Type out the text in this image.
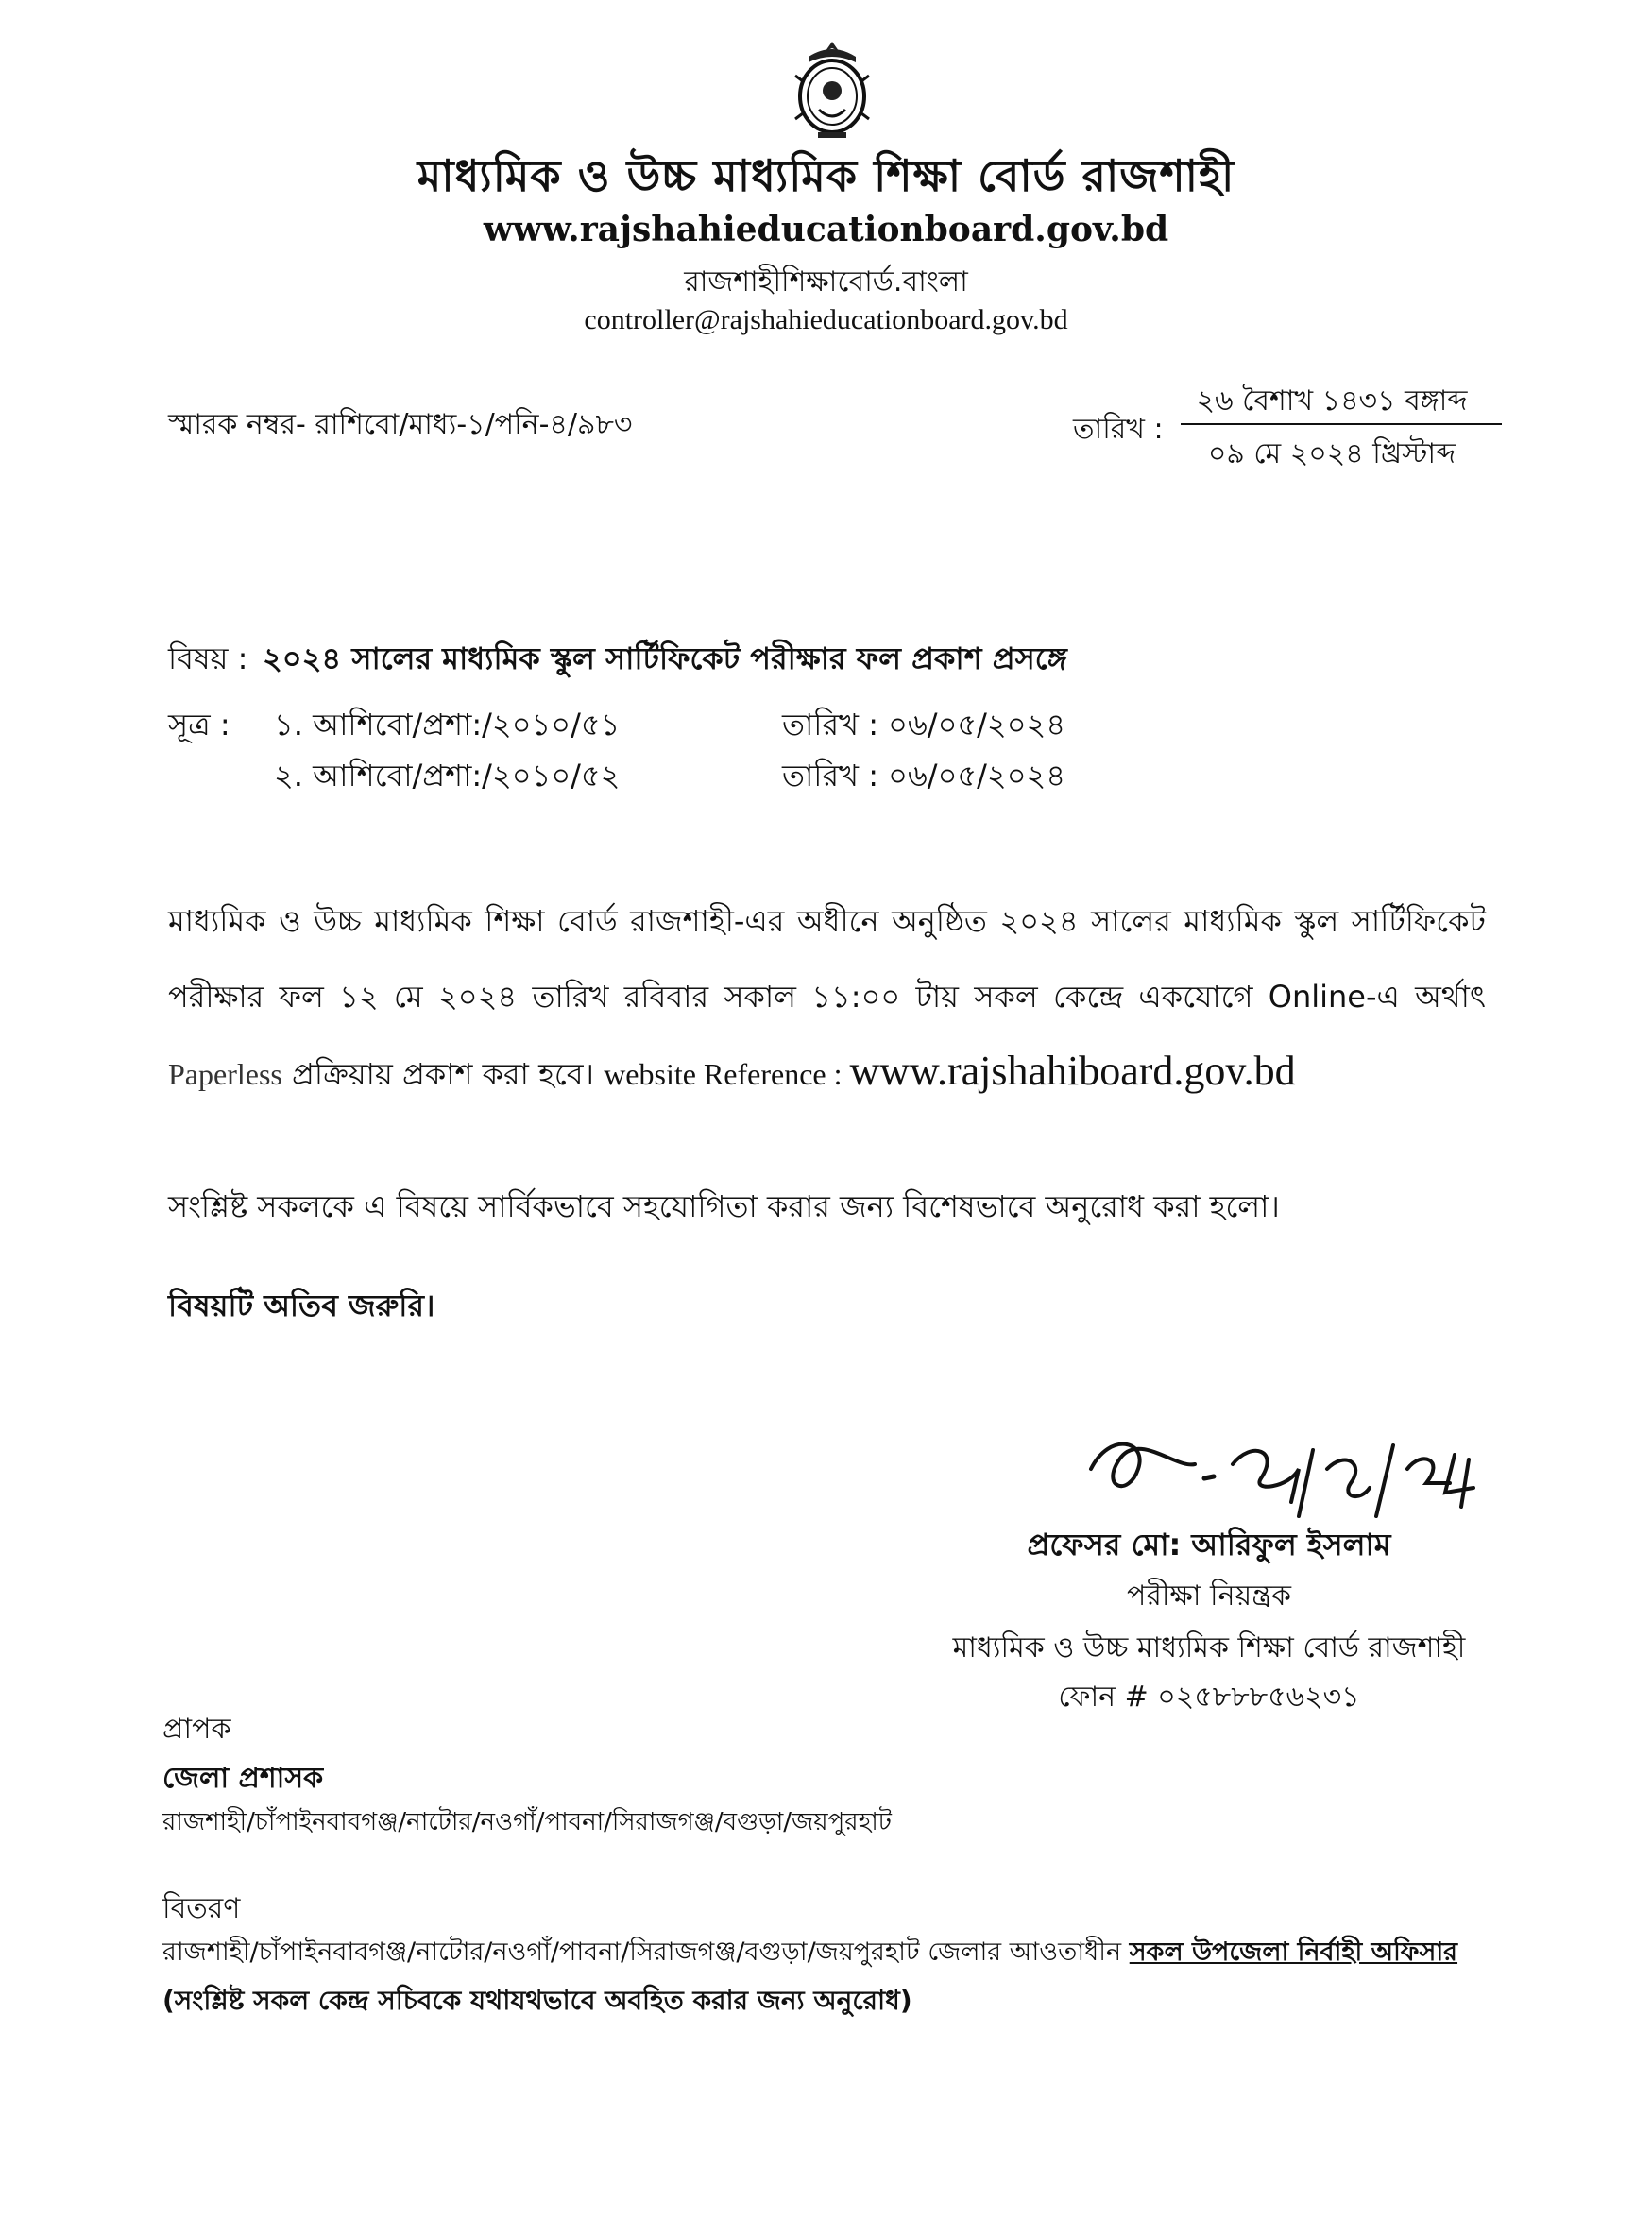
মাধ্যমিক ও উচ্চ মাধ্যমিক শিক্ষা বোর্ড রাজশাহী
www.rajshahieducationboard.gov.bd
রাজশাহীশিক্ষাবোর্ড.বাংলা
controller@rajshahieducationboard.gov.bd
স্মারক নম্বর- রাশিবো/মাধ্য-১/পনি-৪/৯৮৩	তারিখ :
২৬ বৈশাখ ১৪৩১ বঙ্গাব্দ
০৯ মে ২০২৪ খ্রিস্টাব্দ
বিষয় : ২০২৪ সালের মাধ্যমিক স্কুল সার্টিফিকেট পরীক্ষার ফল প্রকাশ প্রসঙ্গে
সূত্র : ১. আশিবো/প্রশা:/২০১০/৫১	তারিখ : ০৬/০৫/২০২৪
২. আশিবো/প্রশা:/২০১০/৫২	তারিখ : ০৬/০৫/২০২৪
মাধ্যমিক ও উচ্চ মাধ্যমিক শিক্ষা বোর্ড রাজশাহী-এর অধীনে অনুষ্ঠিত ২০২৪ সালের মাধ্যমিক স্কুল সার্টিফিকেট
পরীক্ষার ফল ১২ মে ২০২৪ তারিখ রবিবার সকাল ১১:০০ টায় সকল কেন্দ্রে একযোগে Online-এ অর্থাৎ
Paperless প্রক্রিয়ায় প্রকাশ করা হবে। website Reference : www.rajshahiboard.gov.bd
সংশ্লিষ্ট সকলকে এ বিষয়ে সার্বিকভাবে সহযোগিতা করার জন্য বিশেষভাবে অনুরোধ করা হলো।
বিষয়টি অতিব জরুরি।
প্রফেসর মো: আরিফুল ইসলাম
পরীক্ষা নিয়ন্ত্রক
মাধ্যমিক ও উচ্চ মাধ্যমিক শিক্ষা বোর্ড রাজশাহী
ফোন # ০২৫৮৮৮৫৬২৩১
প্রাপক
জেলা প্রশাসক
রাজশাহী/চাঁপাইনবাবগঞ্জ/নাটোর/নওগাঁ/পাবনা/সিরাজগঞ্জ/বগুড়া/জয়পুরহাট
বিতরণ
রাজশাহী/চাঁপাইনবাবগঞ্জ/নাটোর/নওগাঁ/পাবনা/সিরাজগঞ্জ/বগুড়া/জয়পুরহাট জেলার আওতাধীন সকল উপজেলা নির্বাহী অফিসার
(সংশ্লিষ্ট সকল কেন্দ্র সচিবকে যথাযথভাবে অবহিত করার জন্য অনুরোধ)
